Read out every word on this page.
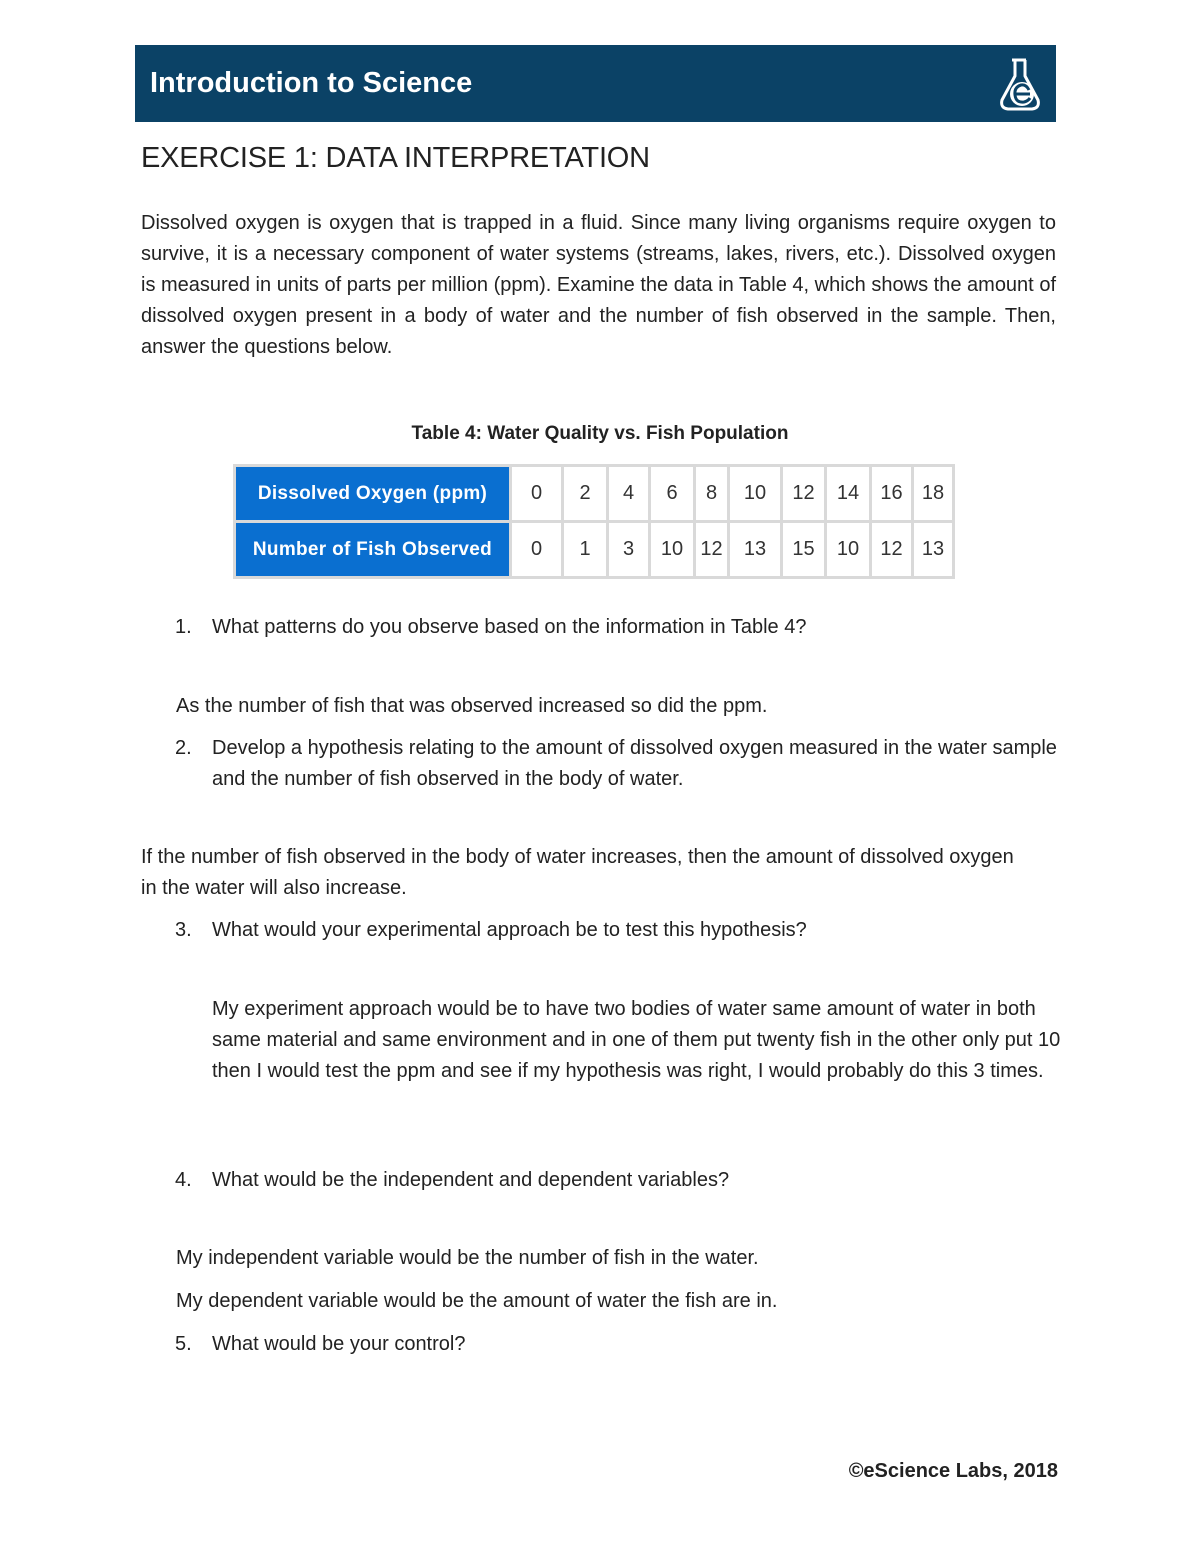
Introduction to Science
EXERCISE 1: DATA INTERPRETATION

Dissolved oxygen is oxygen that is trapped in a fluid. Since many living organisms require oxygen to survive, it is a necessary component of water systems (streams, lakes, rivers, etc.). Dissolved oxygen is measured in units of parts per million (ppm). Examine the data in Table 4, which shows the amount of dissolved oxygen present in a body of water and the number of fish observed in the sample. Then, answer the questions below.

Table 4: Water Quality vs. Fish Population
Dissolved Oxygen (ppm)	0	2	4	6	8	10	12	14	16	18
Number of Fish Observed	0	1	3	10	12	13	15	10	12	13
1. What patterns do you observe based on the information in Table 4?
As the number of fish that was observed increased so did the ppm.
2. Develop a hypothesis relating to the amount of dissolved oxygen measured in the water sample and the number of fish observed in the body of water.
If the number of fish observed in the body of water increases, then the amount of dissolved oxygen in the water will also increase.
3. What would your experimental approach be to test this hypothesis?
My experiment approach would be to have two bodies of water same amount of water in both same material and same environment and in one of them put twenty fish in the other only put 10 then I would test the ppm and see if my hypothesis was right, I would probably do this 3 times.
4. What would be the independent and dependent variables?
My independent variable would be the number of fish in the water.
My dependent variable would be the amount of water the fish are in.
5. What would be your control?
©eScience Labs, 2018
